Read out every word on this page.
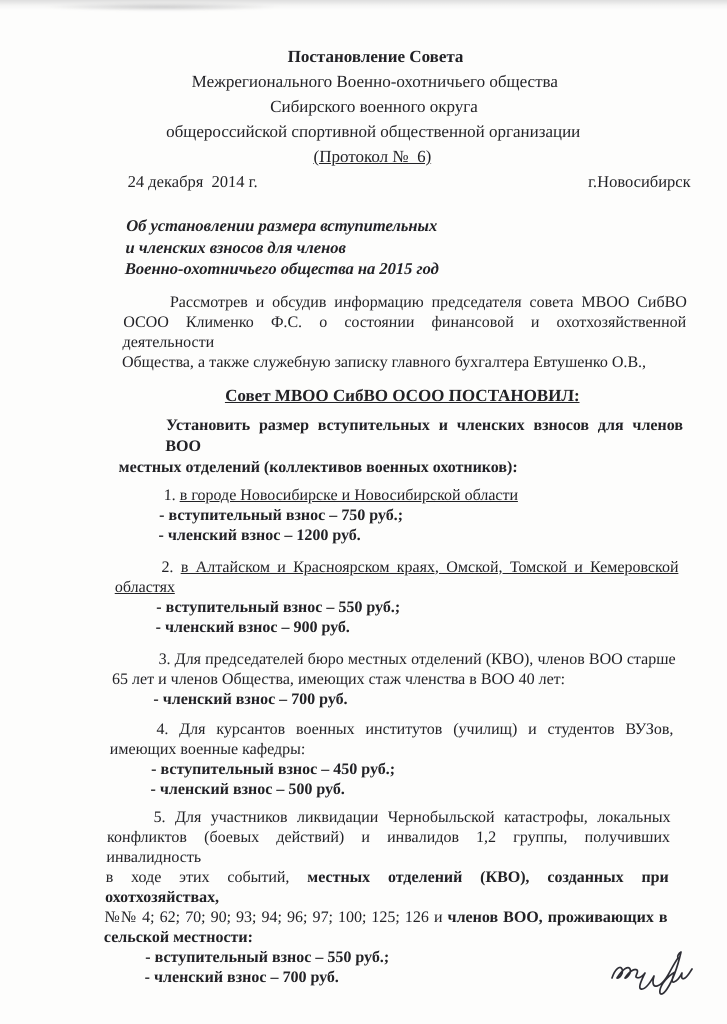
Постановление Совета
Межрегионального Военно-охотничьего общества
Сибирского военного округа
общероссийской спортивной общественной организации
(Протокол №  6)
24 декабря  2014 г.	г.Новосибирск
Об установлении размера вступительных
и членских взносов для членов
Военно-охотничьего общества на 2015 год
Рассмотрев и обсудив информацию председателя совета МВОО СибВО
ОСОО Клименко Ф.С. о состоянии финансовой и охотхозяйственной деятельности
Общества, а также служебную записку главного бухгалтера Евтушенко О.В.,
Совет МВОО СибВО ОСОО ПОСТАНОВИЛ:
Установить размер вступительных и членских взносов для членов ВОО
местных отделений (коллективов военных охотников):
1. в городе Новосибирске и Новосибирской области
- вступительный взнос – 750 руб.;
- членский взнос – 1200 руб.
2. в Алтайском и Красноярском краях, Омской, Томской и Кемеровской
областях
- вступительный взнос – 550 руб.;
- членский взнос – 900 руб.
3. Для председателей бюро местных отделений (КВО), членов ВОО старше
65 лет и членов Общества, имеющих стаж членства в ВОО 40 лет:
- членский взнос – 700 руб.
4. Для курсантов военных институтов (училищ) и студентов ВУЗов,
имеющих военные кафедры:
- вступительный взнос – 450 руб.;
- членский взнос – 500 руб.
5. Для участников ликвидации Чернобыльской катастрофы, локальных
конфликтов (боевых действий) и инвалидов 1,2 группы, получивших инвалидность
в ходе этих событий, местных отделений (КВО), созданных при охотхозяйствах,
№№ 4; 62; 70; 90; 93; 94; 96; 97; 100; 125; 126 и членов ВОО, проживающих в
сельской местности:
- вступительный взнос – 550 руб.;
- членский взнос – 700 руб.
